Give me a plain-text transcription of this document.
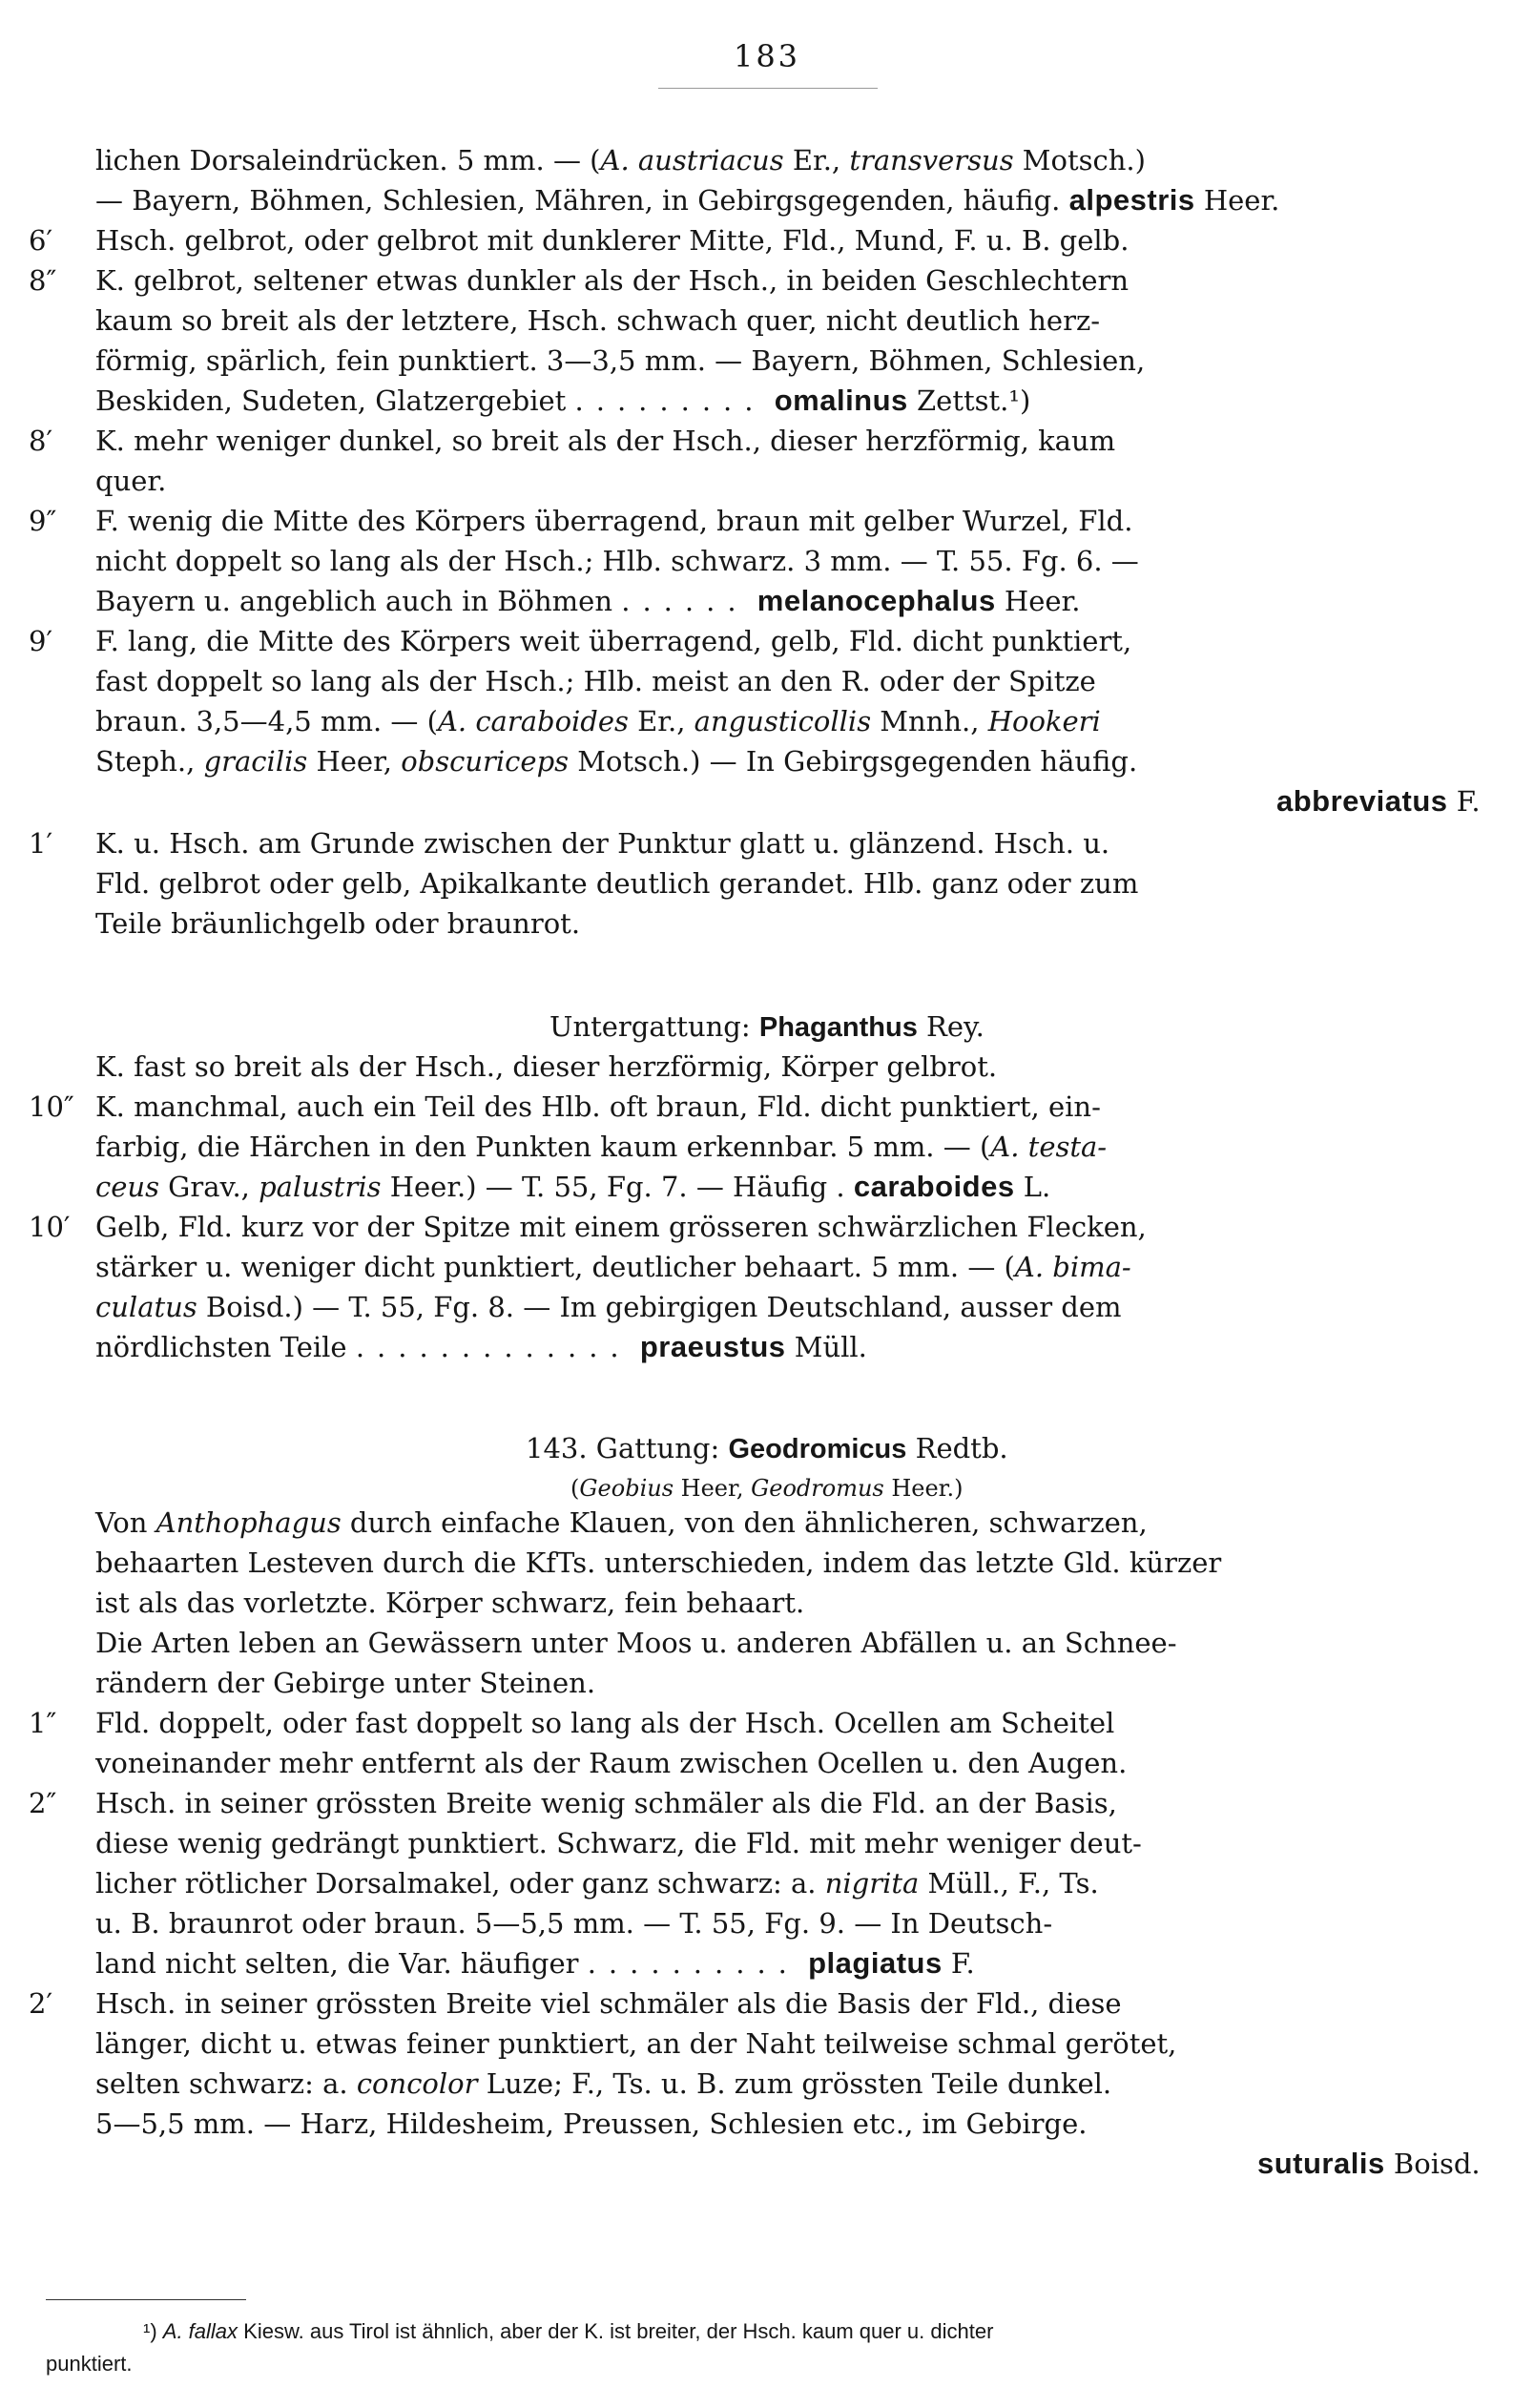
183
lichen Dorsaleindrücken. 5 mm. — (A. austriacus Er., transversus Motsch.)
— Bayern, Böhmen, Schlesien, Mähren, in Gebirgsgegenden, häufig. alpestris Heer.
6′ Hsch. gelbrot, oder gelbrot mit dunklerer Mitte, Fld., Mund, F. u. B. gelb.
8″ K. gelbrot, seltener etwas dunkler als der Hsch., in beiden Geschlechtern
kaum so breit als der letztere, Hsch. schwach quer, nicht deutlich herz-
förmig, spärlich, fein punktiert. 3—3,5 mm. — Bayern, Böhmen, Schlesien,
Beskiden, Sudeten, Glatzergebiet ......... omalinus Zettst.¹)
8′ K. mehr weniger dunkel, so breit als der Hsch., dieser herzförmig, kaum
quer.
9″ F. wenig die Mitte des Körpers überragend, braun mit gelber Wurzel, Fld.
nicht doppelt so lang als der Hsch.; Hlb. schwarz. 3 mm. — T. 55. Fg. 6. —
Bayern u. angeblich auch in Böhmen ...... melanocephalus Heer.
9′ F. lang, die Mitte des Körpers weit überragend, gelb, Fld. dicht punktiert,
fast doppelt so lang als der Hsch.; Hlb. meist an den R. oder der Spitze
braun. 3,5—4,5 mm. — (A. caraboides Er., angusticollis Mnnh., Hookeri
Steph., gracilis Heer, obscuriceps Motsch.) — In Gebirgsgegenden häufig.
abbreviatus F.
1′ K. u. Hsch. am Grunde zwischen der Punktur glatt u. glänzend. Hsch. u.
Fld. gelbrot oder gelb, Apikalkante deutlich gerandet. Hlb. ganz oder zum
Teile bräunlichgelb oder braunrot.
Untergattung: Phaganthus Rey.
K. fast so breit als der Hsch., dieser herzförmig, Körper gelbrot.
10″ K. manchmal, auch ein Teil des Hlb. oft braun, Fld. dicht punktiert, ein-
farbig, die Härchen in den Punkten kaum erkennbar. 5 mm. — (A. testa-
ceus Grav., palustris Heer.) — T. 55, Fg. 7. — Häufig . caraboides L.
10′ Gelb, Fld. kurz vor der Spitze mit einem grösseren schwärzlichen Flecken,
stärker u. weniger dicht punktiert, deutlicher behaart. 5 mm. — (A. bima-
culatus Boisd.) — T. 55, Fg. 8. — Im gebirgigen Deutschland, ausser dem
nördlichsten Teile ............. praeustus Müll.
143. Gattung: Geodromicus Redtb.
(Geobius Heer, Geodromus Heer.)
Von Anthophagus durch einfache Klauen, von den ähnlicheren, schwarzen,
behaarten Lesteven durch die KfTs. unterschieden, indem das letzte Gld. kürzer
ist als das vorletzte. Körper schwarz, fein behaart.
Die Arten leben an Gewässern unter Moos u. anderen Abfällen u. an Schnee-
rändern der Gebirge unter Steinen.
1″ Fld. doppelt, oder fast doppelt so lang als der Hsch. Ocellen am Scheitel
voneinander mehr entfernt als der Raum zwischen Ocellen u. den Augen.
2″ Hsch. in seiner grössten Breite wenig schmäler als die Fld. an der Basis,
diese wenig gedrängt punktiert. Schwarz, die Fld. mit mehr weniger deut-
licher rötlicher Dorsalmakel, oder ganz schwarz: a. nigrita Müll., F., Ts.
u. B. braunrot oder braun. 5—5,5 mm. — T. 55, Fg. 9. — In Deutsch-
land nicht selten, die Var. häufiger .......... plagiatus F.
2′ Hsch. in seiner grössten Breite viel schmäler als die Basis der Fld., diese
länger, dicht u. etwas feiner punktiert, an der Naht teilweise schmal gerötet,
selten schwarz: a. concolor Luze; F., Ts. u. B. zum grössten Teile dunkel.
5—5,5 mm. — Harz, Hildesheim, Preussen, Schlesien etc., im Gebirge.
suturalis Boisd.
¹) A. fallax Kiesw. aus Tirol ist ähnlich, aber der K. ist breiter, der Hsch. kaum quer u. dichter
punktiert.
